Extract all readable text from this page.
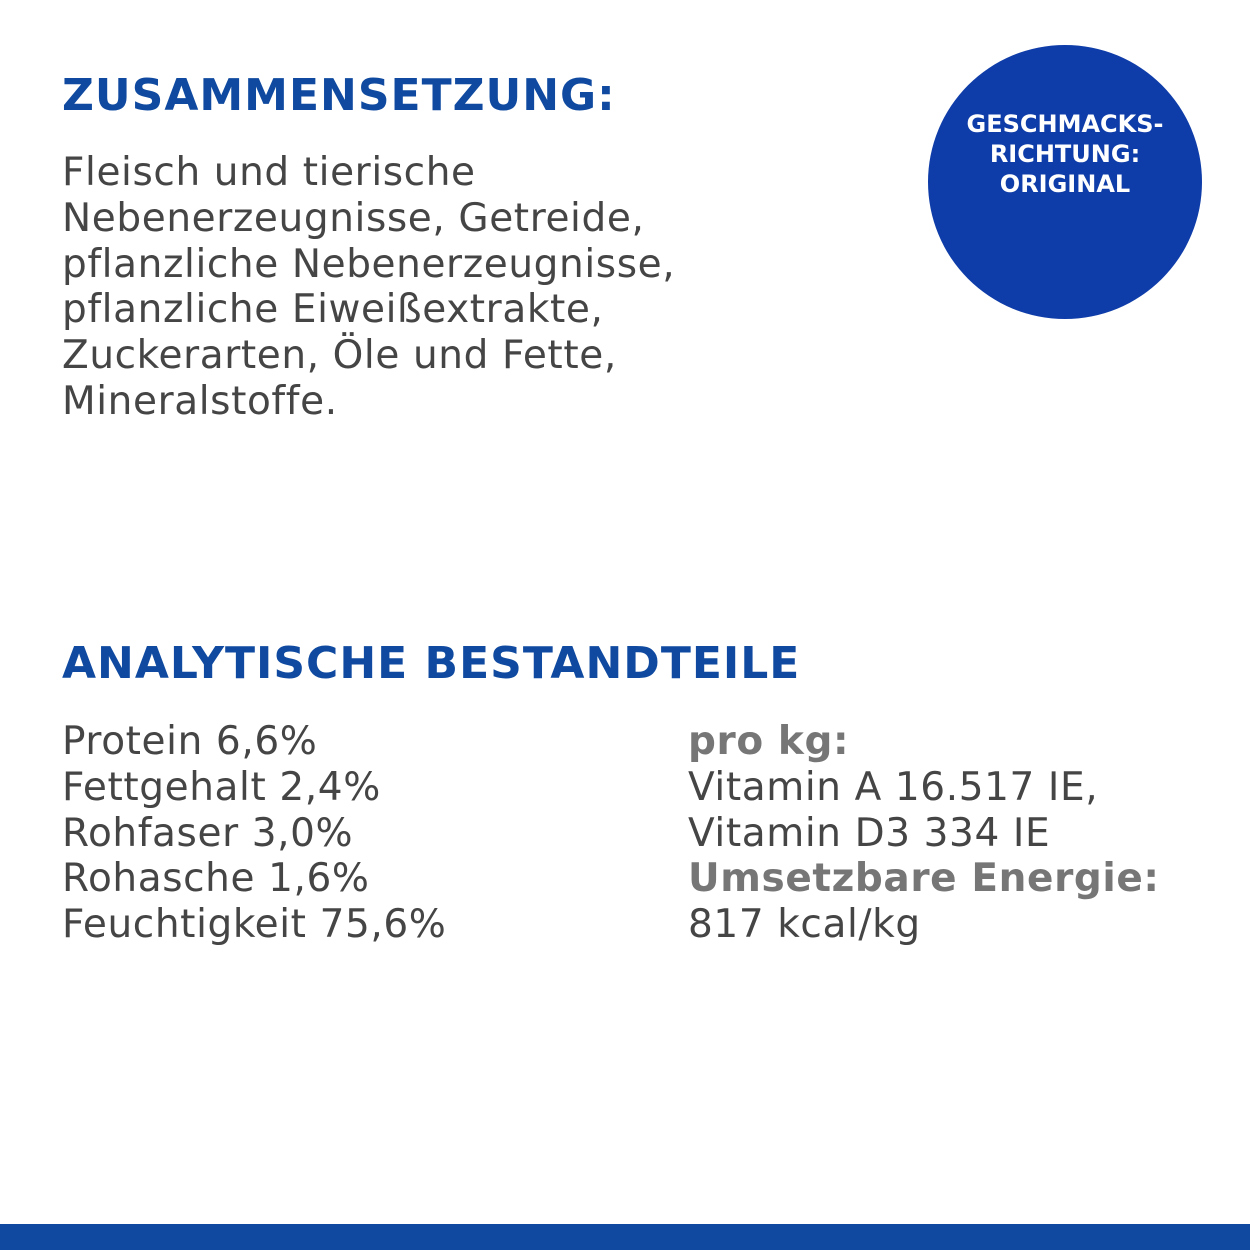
ZUSAMMENSETZUNG:

Fleisch und tierische
Nebenerzeugnisse, Getreide,
pflanzliche Nebenerzeugnisse,
pflanzliche Eiweißextrakte,
Zuckerarten, Öle und Fette,
Mineralstoffe.

GESCHMACKS-
RICHTUNG:
ORIGINAL

ANALYTISCHE BESTANDTEILE

Protein 6,6%
Fettgehalt 2,4%
Rohfaser 3,0%
Rohasche 1,6%
Feuchtigkeit 75,6%

pro kg:
Vitamin A 16.517 IE,
Vitamin D3 334 IE
Umsetzbare Energie:
817 kcal/kg
